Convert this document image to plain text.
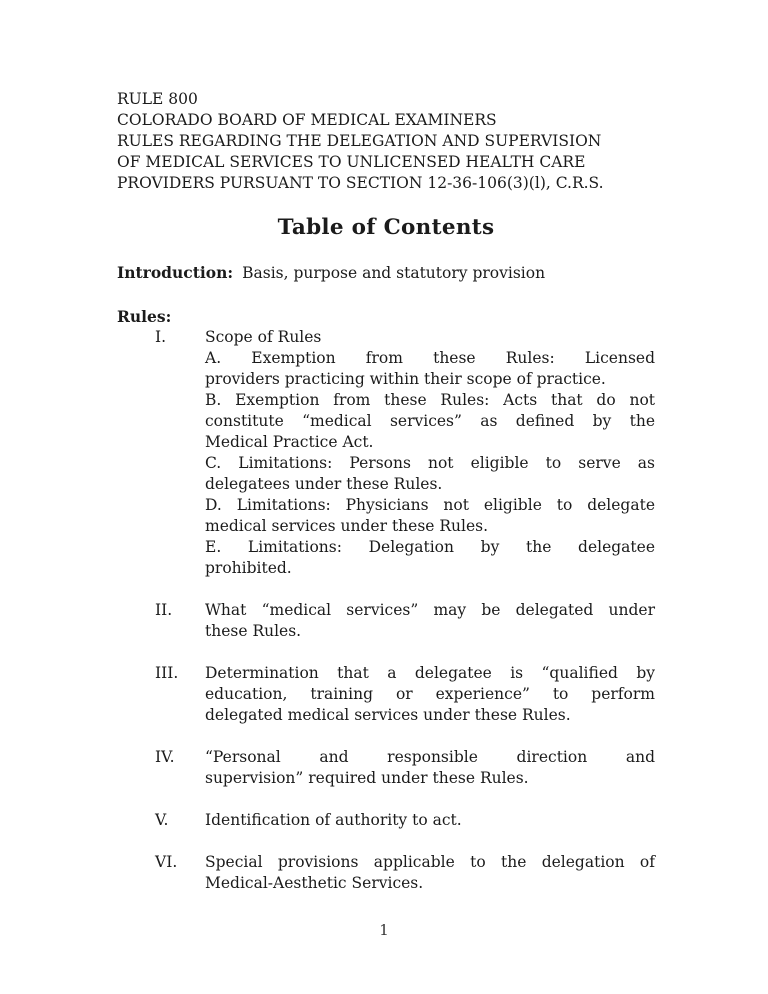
RULE 800
COLORADO BOARD OF MEDICAL EXAMINERS
RULES REGARDING THE DELEGATION AND SUPERVISION
OF MEDICAL SERVICES TO UNLICENSED HEALTH CARE
PROVIDERS PURSUANT TO SECTION 12-36-106(3)(l), C.R.S.
Table of Contents
Introduction: Basis, purpose and statutory provision
Rules:
I.	Scope of Rules
A. Exemption from these Rules: Licensed
providers practicing within their scope of practice.
B. Exemption from these Rules: Acts that do not
constitute “medical services” as defined by the
Medical Practice Act.
C. Limitations: Persons not eligible to serve as
delegatees under these Rules.
D. Limitations: Physicians not eligible to delegate
medical services under these Rules.
E. Limitations: Delegation by the delegatee
prohibited.
II. What “medical services” may be delegated under
these Rules.
III. Determination that a delegatee is “qualified by
education, training or experience” to perform
delegated medical services under these Rules.
IV. “Personal and responsible direction and
supervision” required under these Rules.
V. Identification of authority to act.
VI. Special provisions applicable to the delegation of
Medical-Aesthetic Services.
1
